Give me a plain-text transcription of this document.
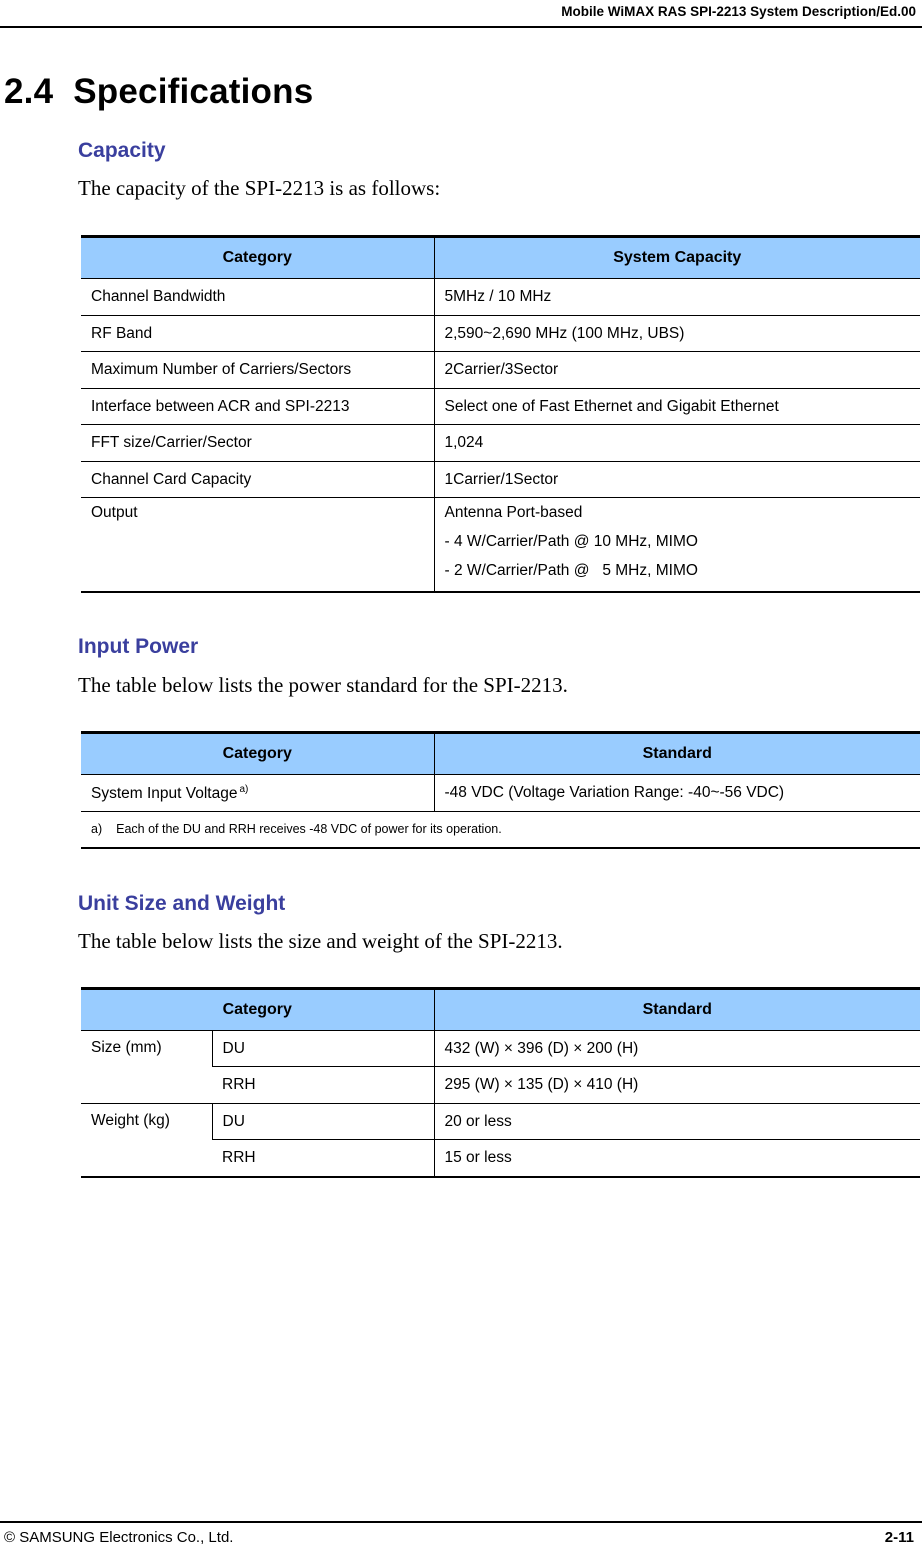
Mobile WiMAX RAS SPI-2213 System Description/Ed.00
2.4 Specifications
Capacity
The capacity of the SPI-2213 is as follows:
Category	System Capacity
Channel Bandwidth	5MHz / 10 MHz
RF Band	2,590~2,690 MHz (100 MHz, UBS)
Maximum Number of Carriers/Sectors	2Carrier/3Sector
Interface between ACR and SPI-2213	Select one of Fast Ethernet and Gigabit Ethernet
FFT size/Carrier/Sector	1,024
Channel Card Capacity	1Carrier/1Sector
Output	Antenna Port-based
- 4 W/Carrier/Path @ 10 MHz, MIMO
- 2 W/Carrier/Path @   5 MHz, MIMO
Input Power
The table below lists the power standard for the SPI-2213.
Category	Standard
System Input Voltage $^{a)}$	-48 VDC (Voltage Variation Range: -40~-56 VDC)
a) Each of the DU and RRH receives -48 VDC of power for its operation.	
Unit Size and Weight
The table below lists the size and weight of the SPI-2213.
Category		Standard
Size (mm)	DU	432 (W) × 396 (D) × 200 (H)
	RRH	295 (W) × 135 (D) × 410 (H)
Weight (kg)	DU	20 or less
	RRH	15 or less
© SAMSUNG Electronics Co., Ltd.	2-11
